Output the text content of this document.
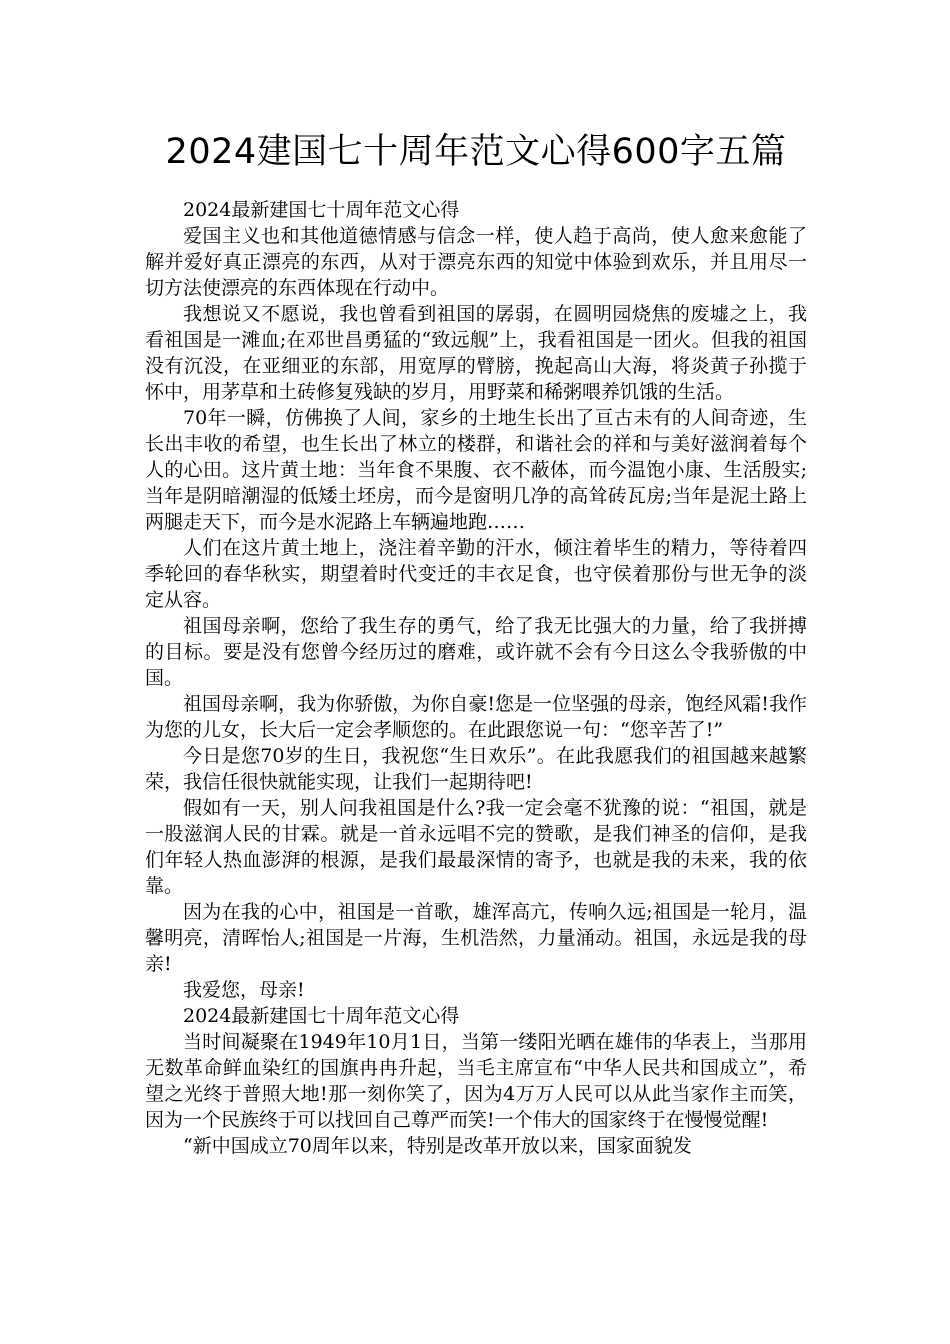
2024建国七十周年范文心得600字五篇

2024最新建国七十周年范文心得

爱国主义也和其他道德情感与信念一样，使人趋于高尚，使人愈来愈能了解并爱好真正漂亮的东西，从对于漂亮东西的知觉中体验到欢乐，并且用尽一切方法使漂亮的东西体现在行动中。

我想说又不愿说，我也曾看到祖国的孱弱，在圆明园烧焦的废墟之上，我看祖国是一滩血;在邓世昌勇猛的“致远舰”上，我看祖国是一团火。但我的祖国没有沉没，在亚细亚的东部，用宽厚的臂膀，挽起高山大海，将炎黄子孙揽于怀中，用茅草和土砖修复残缺的岁月，用野菜和稀粥喂养饥饿的生活。

70年一瞬，仿佛换了人间，家乡的土地生长出了亘古未有的人间奇迹，生长出丰收的希望，也生长出了林立的楼群，和谐社会的祥和与美好滋润着每个人的心田。这片黄土地：当年食不果腹、衣不蔽体，而今温饱小康、生活殷实;当年是阴暗潮湿的低矮土坯房，而今是窗明几净的高耸砖瓦房;当年是泥土路上两腿走天下，而今是水泥路上车辆遍地跑……

人们在这片黄土地上，浇注着辛勤的汗水，倾注着毕生的精力，等待着四季轮回的春华秋实，期望着时代变迁的丰衣足食，也守侯着那份与世无争的淡定从容。

祖国母亲啊，您给了我生存的勇气，给了我无比强大的力量，给了我拼搏的目标。要是没有您曾今经历过的磨难，或许就不会有今日这么令我骄傲的中国。

祖国母亲啊，我为你骄傲，为你自豪!您是一位坚强的母亲，饱经风霜!我作为您的儿女，长大后一定会孝顺您的。在此跟您说一句：“您辛苦了!”

今日是您70岁的生日，我祝您“生日欢乐”。在此我愿我们的祖国越来越繁荣，我信任很快就能实现，让我们一起期待吧!

假如有一天，别人问我祖国是什么?我一定会毫不犹豫的说：“祖国，就是一股滋润人民的甘霖。就是一首永远唱不完的赞歌，是我们神圣的信仰，是我们年轻人热血澎湃的根源，是我们最最深情的寄予，也就是我的未来，我的依靠。

因为在我的心中，祖国是一首歌，雄浑高亢，传响久远;祖国是一轮月，温馨明亮，清晖怡人;祖国是一片海，生机浩然，力量涌动。祖国，永远是我的母亲!

我爱您，母亲!

2024最新建国七十周年范文心得

当时间凝聚在1949年10月1日，当第一缕阳光晒在雄伟的华表上，当那用无数革命鲜血染红的国旗冉冉升起，当毛主席宣布“中华人民共和国成立”，希望之光终于普照大地!那一刻你笑了，因为4万万人民可以从此当家作主而笑，因为一个民族终于可以找回自己尊严而笑!一个伟大的国家终于在慢慢觉醒!

“新中国成立70周年以来，特别是改革开放以来，国家面貌发
